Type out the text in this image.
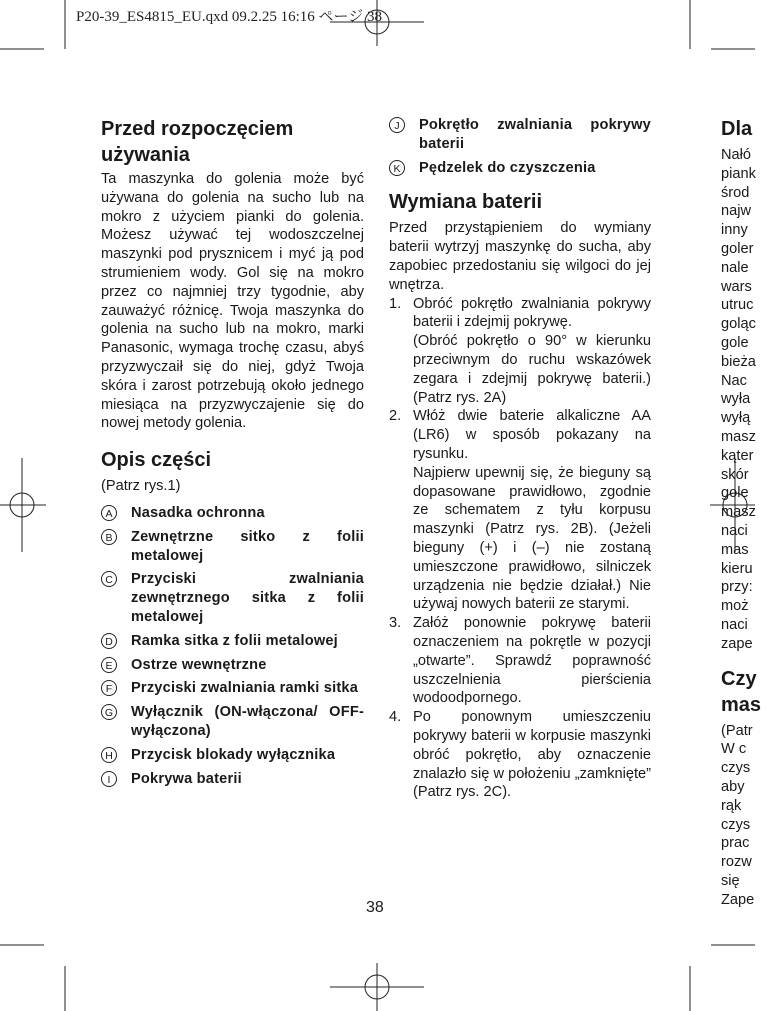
P20-39_ES4815_EU.qxd 09.2.25 16:16 ページ 38

Przed rozpoczęciem używania

Ta maszynka do golenia może być używana do golenia na sucho lub na mokro z użyciem pianki do golenia. Możesz używać tej wodoszczelnej maszynki pod prysznicem i myć ją pod strumieniem wody. Gol się na mokro przez co najmniej trzy tygodnie, aby zauważyć różnicę. Twoja maszynka do golenia na sucho lub na mokro, marki Panasonic, wymaga trochę czasu, abyś przyzwyczaił się do niej, gdyż Twoja skóra i zarost potrzebują około jednego miesiąca na przyzwyczajenie się do nowej metody golenia.

Opis części

(Patrz rys.1)

A	Nasadka ochronna
B	Zewnętrzne sitko z folii metalowej
C Przyciski zwalniania zewnętrznego sitka z folii metalowej
D Ramka sitka z folii metalowej
E	Ostrze wewnętrzne
F	Przyciski zwalniania ramki sitka
G Wyłącznik (ON-włączona/ OFF-wyłączona)
H Przycisk blokady wyłącznika
I	Pokrywa baterii
J	Pokrętło zwalniania pokrywy baterii
K	Pędzelek do czyszczenia
Wymiana baterii

Przed przystąpieniem do wymiany baterii wytrzyj maszynkę do sucha, aby zapobiec przedostaniu się wilgoci do jej wnętrza.

1. Obróć pokrętło zwalniania pokrywy baterii i zdejmij pokrywę.

(Obróć pokrętło o 90° w kierunku przeciwnym do ruchu wskazówek zegara i zdejmij pokrywę baterii.) (Patrz rys. 2A)

2. Włóż dwie baterie alkaliczne AA (LR6) w sposób pokazany na rysunku.

Najpierw upewnij się, że bieguny są dopasowane prawidłowo, zgodnie ze schematem z tyłu korpusu maszynki (Patrz rys. 2B). (Jeżeli bieguny (+) i (–) nie zostaną umieszczone prawidłowo, silniczek urządzenia nie będzie działał.) Nie używaj nowych baterii ze starymi.

3. Załóż ponownie pokrywę baterii oznaczeniem na pokrętle w pozycji „otwarte”. Sprawdź poprawność uszczelnienia pierścienia wodoodpornego.

4. Po ponownym umieszczeniu pokrywy baterii w korpusie maszynki obróć pokrętło, aby oznaczenie znalazło się w położeniu „zamknięte” (Patrz rys. 2C).

Dla

Nałó

piank

środ

najw

inny

goler

nale

wars

utruc

goląc

gole

bieża

Nac

wyła

wyłą

masz

kąter

skór

gole

masz

naci

mas

kieru

przy:

moż

naci

zape

Czy
mas

(Patr

W c

czys

aby

rąk

czys

prac

rozw

się

Zape

38
